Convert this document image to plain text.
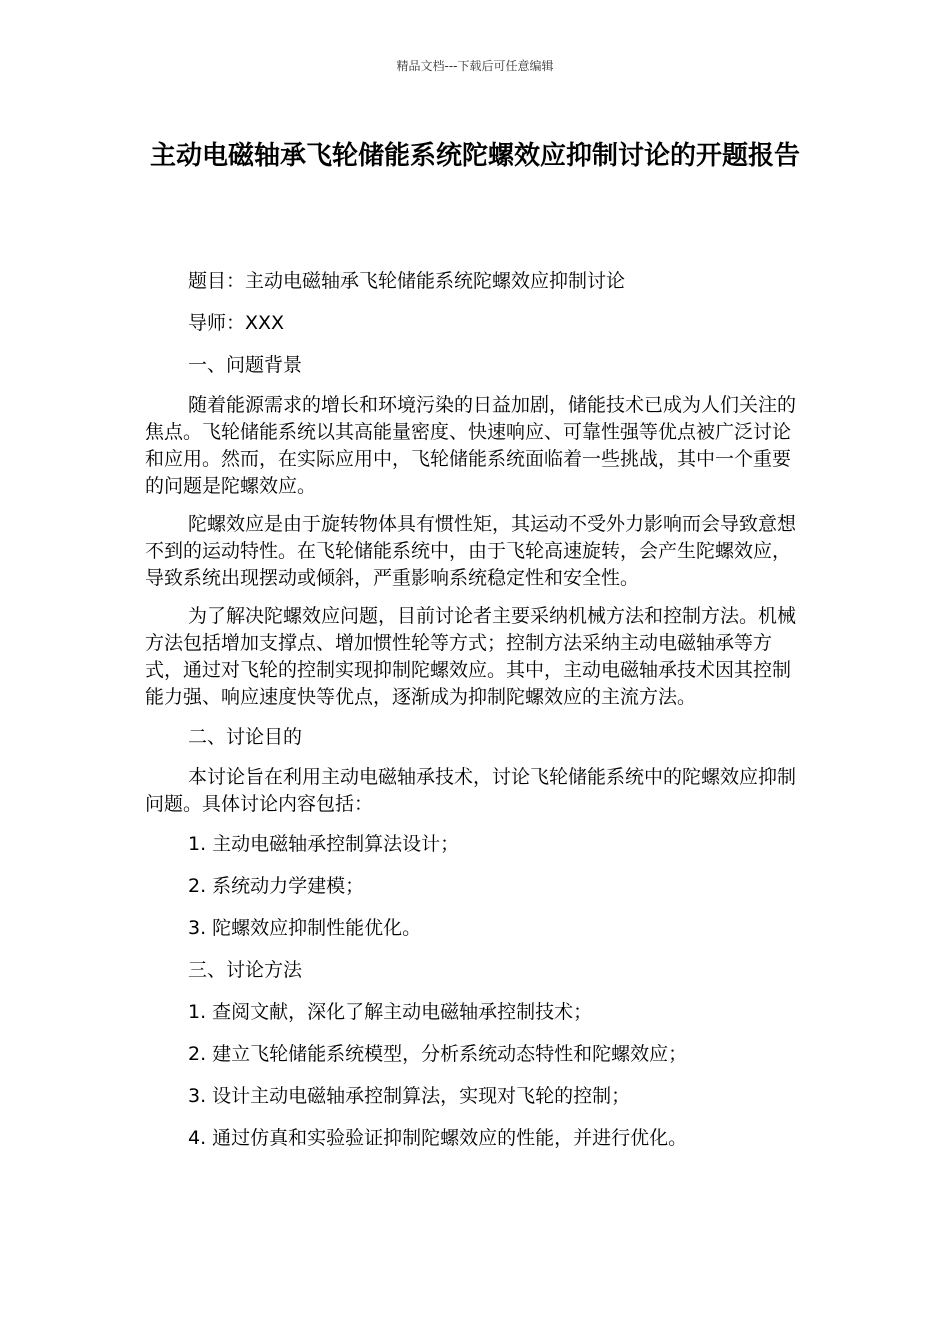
精品文档---下载后可任意编辑
主动电磁轴承飞轮储能系统陀螺效应抑制讨论的开题报告

题目：主动电磁轴承飞轮储能系统陀螺效应抑制讨论

导师：XXX

一、问题背景

随着能源需求的增长和环境污染的日益加剧，储能技术已成为人们关注的焦点。飞轮储能系统以其高能量密度、快速响应、可靠性强等优点被广泛讨论和应用。然而，在实际应用中，飞轮储能系统面临着一些挑战，其中一个重要的问题是陀螺效应。

陀螺效应是由于旋转物体具有惯性矩，其运动不受外力影响而会导致意想不到的运动特性。在飞轮储能系统中，由于飞轮高速旋转，会产生陀螺效应，导致系统出现摆动或倾斜，严重影响系统稳定性和安全性。

为了解决陀螺效应问题，目前讨论者主要采纳机械方法和控制方法。机械方法包括增加支撑点、增加惯性轮等方式；控制方法采纳主动电磁轴承等方式，通过对飞轮的控制实现抑制陀螺效应。其中，主动电磁轴承技术因其控制能力强、响应速度快等优点，逐渐成为抑制陀螺效应的主流方法。

二、讨论目的

本讨论旨在利用主动电磁轴承技术，讨论飞轮储能系统中的陀螺效应抑制问题。具体讨论内容包括：

1. 主动电磁轴承控制算法设计；

2. 系统动力学建模；

3. 陀螺效应抑制性能优化。

三、讨论方法

1. 查阅文献，深化了解主动电磁轴承控制技术；

2. 建立飞轮储能系统模型，分析系统动态特性和陀螺效应；

3. 设计主动电磁轴承控制算法，实现对飞轮的控制；

4. 通过仿真和实验验证抑制陀螺效应的性能，并进行优化。
